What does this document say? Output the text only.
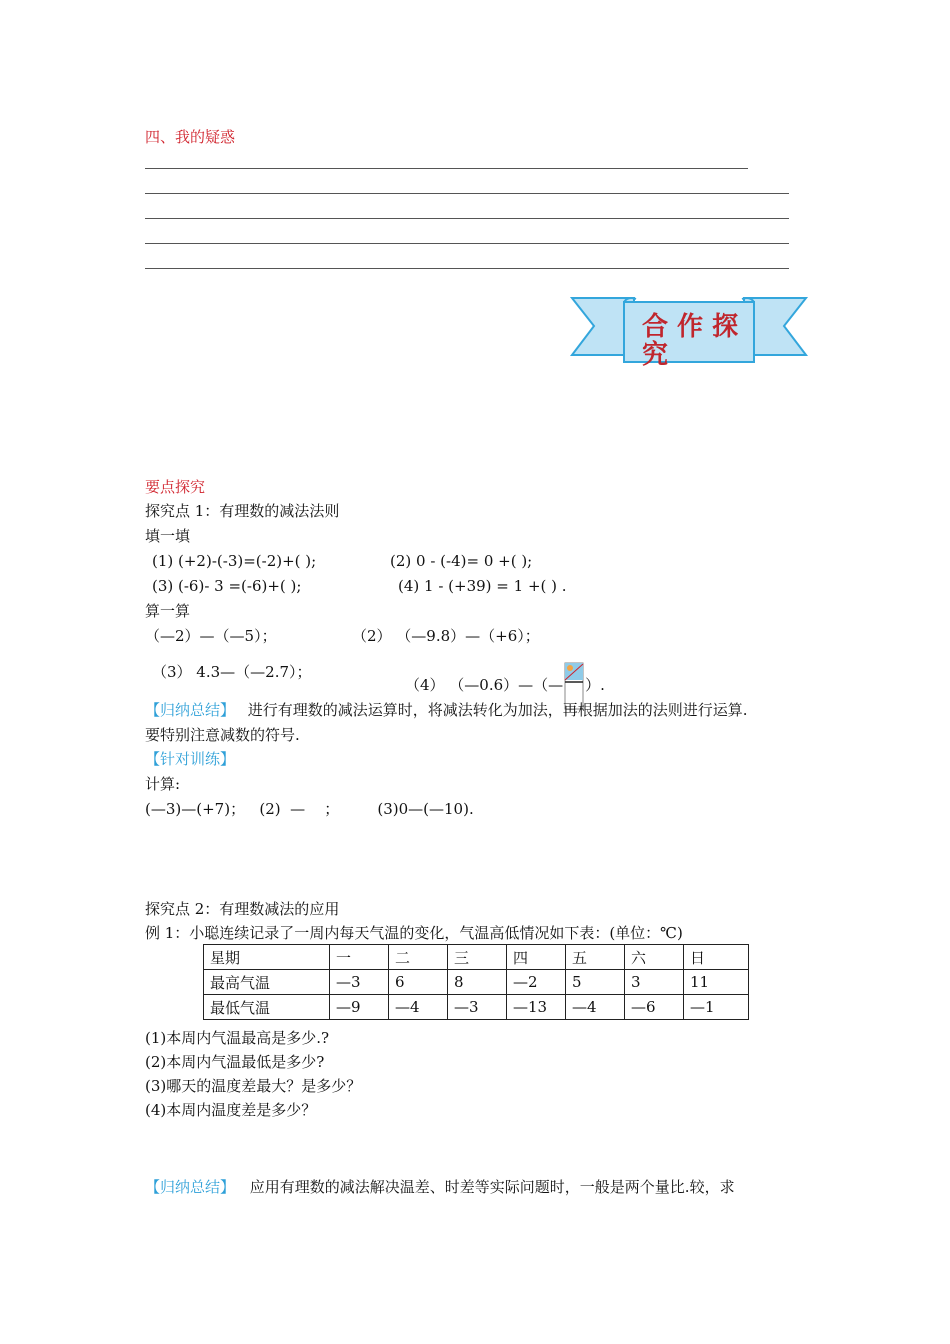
四、我的疑惑
合 作 探
究
要点探究
探究点 1：有理数的减法法则
填一填
(1) (+2)-(-3)=(-2)+( );	(2) 0 - (-4)= 0 +( );
(3) (-6)- 3 =(-6)+( );	(4) 1 - (+39) = 1 +( ) .
算一算
（—2）—（—5）；	（2） （—9.8）—（+6）；
（3） 4.3—（—2.7）；
（4） （—0.6）—（— ）.
【归纳总结】 进行有理数的减法运算时，将减法转化为加法，再根据加法的法则进行运算.
要特别注意减数的符号.
【针对训练】
计算:
(—3)—(+7)；   (2)  —    ；        (3)0—(—10).
探究点 2：有理数减法的应用
例 1：小聪连续记录了一周内每天气温的变化，气温高低情况如下表：(单位：℃)
星期	一	二	三	四	五	六	日
最高气温	—3	6	8	—2	5	3	11
最低气温	—9	—4	—3	—13	—4	—6	—1
(1)本周内气温最高是多少.?
(2)本周内气温最低是多少?
(3)哪天的温度差最大？是多少？
(4)本周内温度差是多少？
【归纳总结】 应用有理数的减法解决温差、时差等实际问题时，一般是两个量比.较，求
